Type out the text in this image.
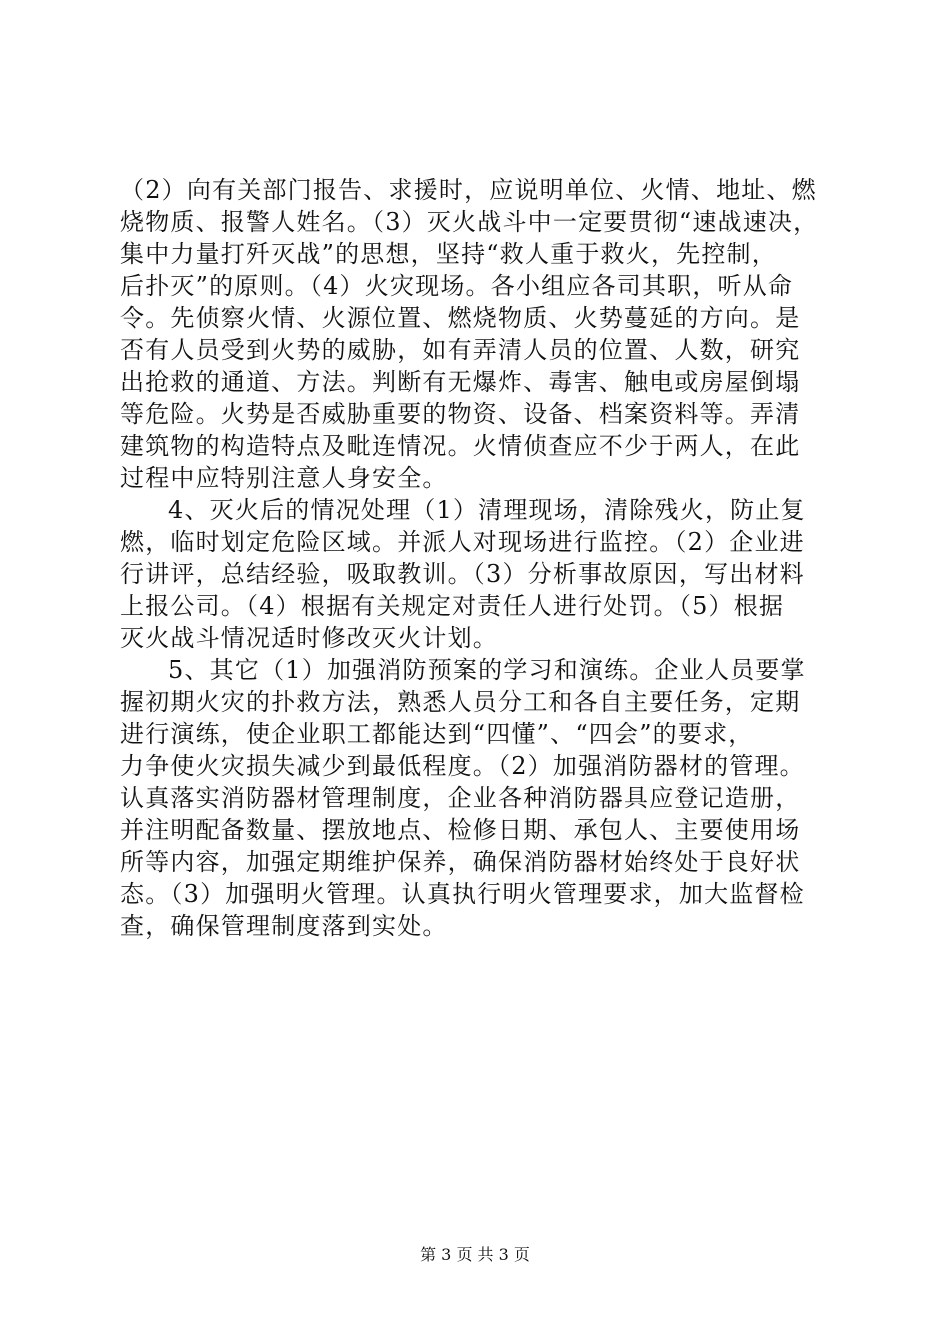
（2）向有关部门报告、求援时，应说明单位、火情、地址、燃
烧物质、报警人姓名。（3）灭火战斗中一定要贯彻“速战速决，
集中力量打歼灭战”的思想，坚持“救人重于救火，先控制，
后扑灭”的原则。（4）火灾现场。各小组应各司其职，听从命
令。先侦察火情、火源位置、燃烧物质、火势蔓延的方向。是
否有人员受到火势的威胁，如有弄清人员的位置、人数，研究
出抢救的通道、方法。判断有无爆炸、毒害、触电或房屋倒塌
等危险。火势是否威胁重要的物资、设备、档案资料等。弄清
建筑物的构造特点及毗连情况。火情侦查应不少于两人，在此
过程中应特别注意人身安全。
4、灭火后的情况处理（1）清理现场，清除残火，防止复
燃，临时划定危险区域。并派人对现场进行监控。（2）企业进
行讲评，总结经验，吸取教训。（3）分析事故原因，写出材料
上报公司。（4）根据有关规定对责任人进行处罚。（5）根据
灭火战斗情况适时修改灭火计划。
5、其它（1）加强消防预案的学习和演练。企业人员要掌
握初期火灾的扑救方法，熟悉人员分工和各自主要任务，定期
进行演练，使企业职工都能达到“四懂”、“四会”的要求，
力争使火灾损失减少到最低程度。（2）加强消防器材的管理。
认真落实消防器材管理制度，企业各种消防器具应登记造册，
并注明配备数量、摆放地点、检修日期、承包人、主要使用场
所等内容，加强定期维护保养，确保消防器材始终处于良好状
态。（3）加强明火管理。认真执行明火管理要求，加大监督检
查，确保管理制度落到实处。
第 3 页 共 3 页
